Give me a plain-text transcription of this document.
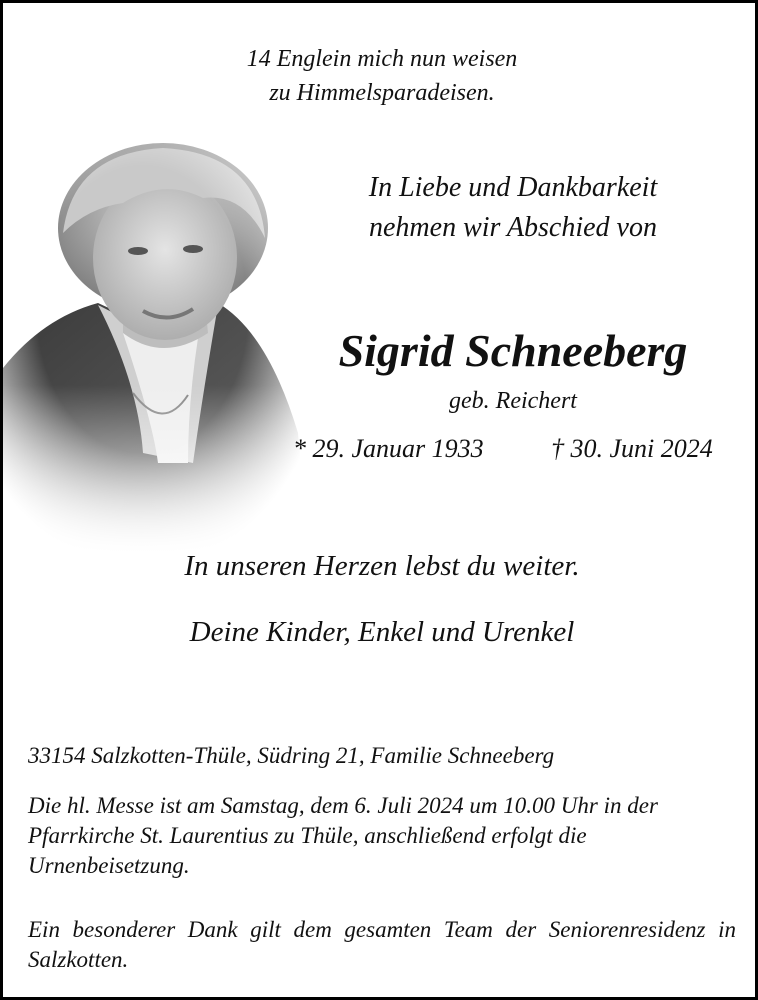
14 Englein mich nun weisen
zu Himmelsparadeisen.
In Liebe und Dankbarkeit
nehmen wir Abschied von
Sigrid Schneeberg
geb. Reichert
* 29. Januar 1933	† 30. Juni 2024
In unseren Herzen lebst du weiter.
Deine Kinder, Enkel und Urenkel
33154 Salzkotten-Thüle, Südring 21, Familie Schneeberg
Die hl. Messe ist am Samstag, dem 6. Juli 2024 um 10.00 Uhr in der Pfarrkirche St. Laurentius zu Thüle, anschließend erfolgt die Urnenbeisetzung.
Ein besonderer Dank gilt dem gesamten Team der Seniorenresidenz in Salzkotten.
